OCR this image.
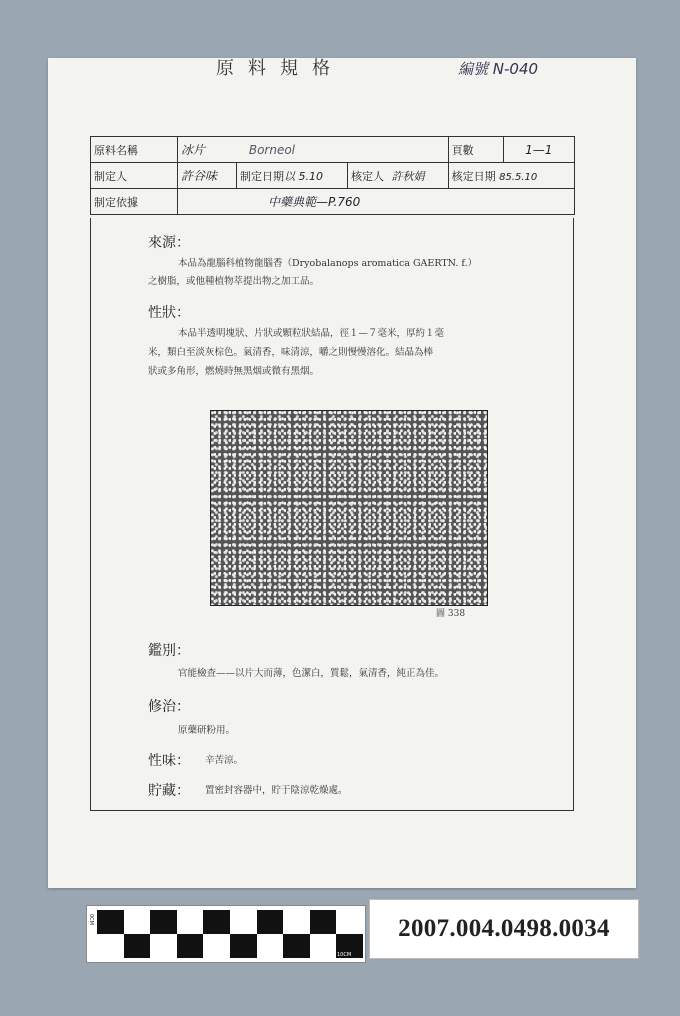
原料規格	編號 N-040
原料名稱	冰片 Borneol			頁數	1—1
制定人	許谷味	制定日期以 5.10	核定人 許秋娟	核定日期 85.5.10	
制定依據	中藥典範—P.760				
來源：
本品為龍腦科植物龍腦香（Dryobalanops aromatica GAERTN. f.）
之樹脂，或他種植物萃提出物之加工品。
性狀：
本品半透明塊狀、片狀或顆粒狀結晶，徑１—７毫米，厚約１毫
米，類白至淡灰棕色。氣清香，味清涼，嚼之則慢慢溶化。結晶為棒
狀或多角形，燃燒時無黑烟或微有黑烟。
圖 338
鑑別：
官能檢查——以片大而薄，色潔白，質鬆，氣清香，純正為佳。
修治：
原藥研粉用。
性味： 辛苦涼。
貯藏： 置密封容器中，貯于陰涼乾燥處。
0CM
5CM	10CM
2007.004.0498.0034
